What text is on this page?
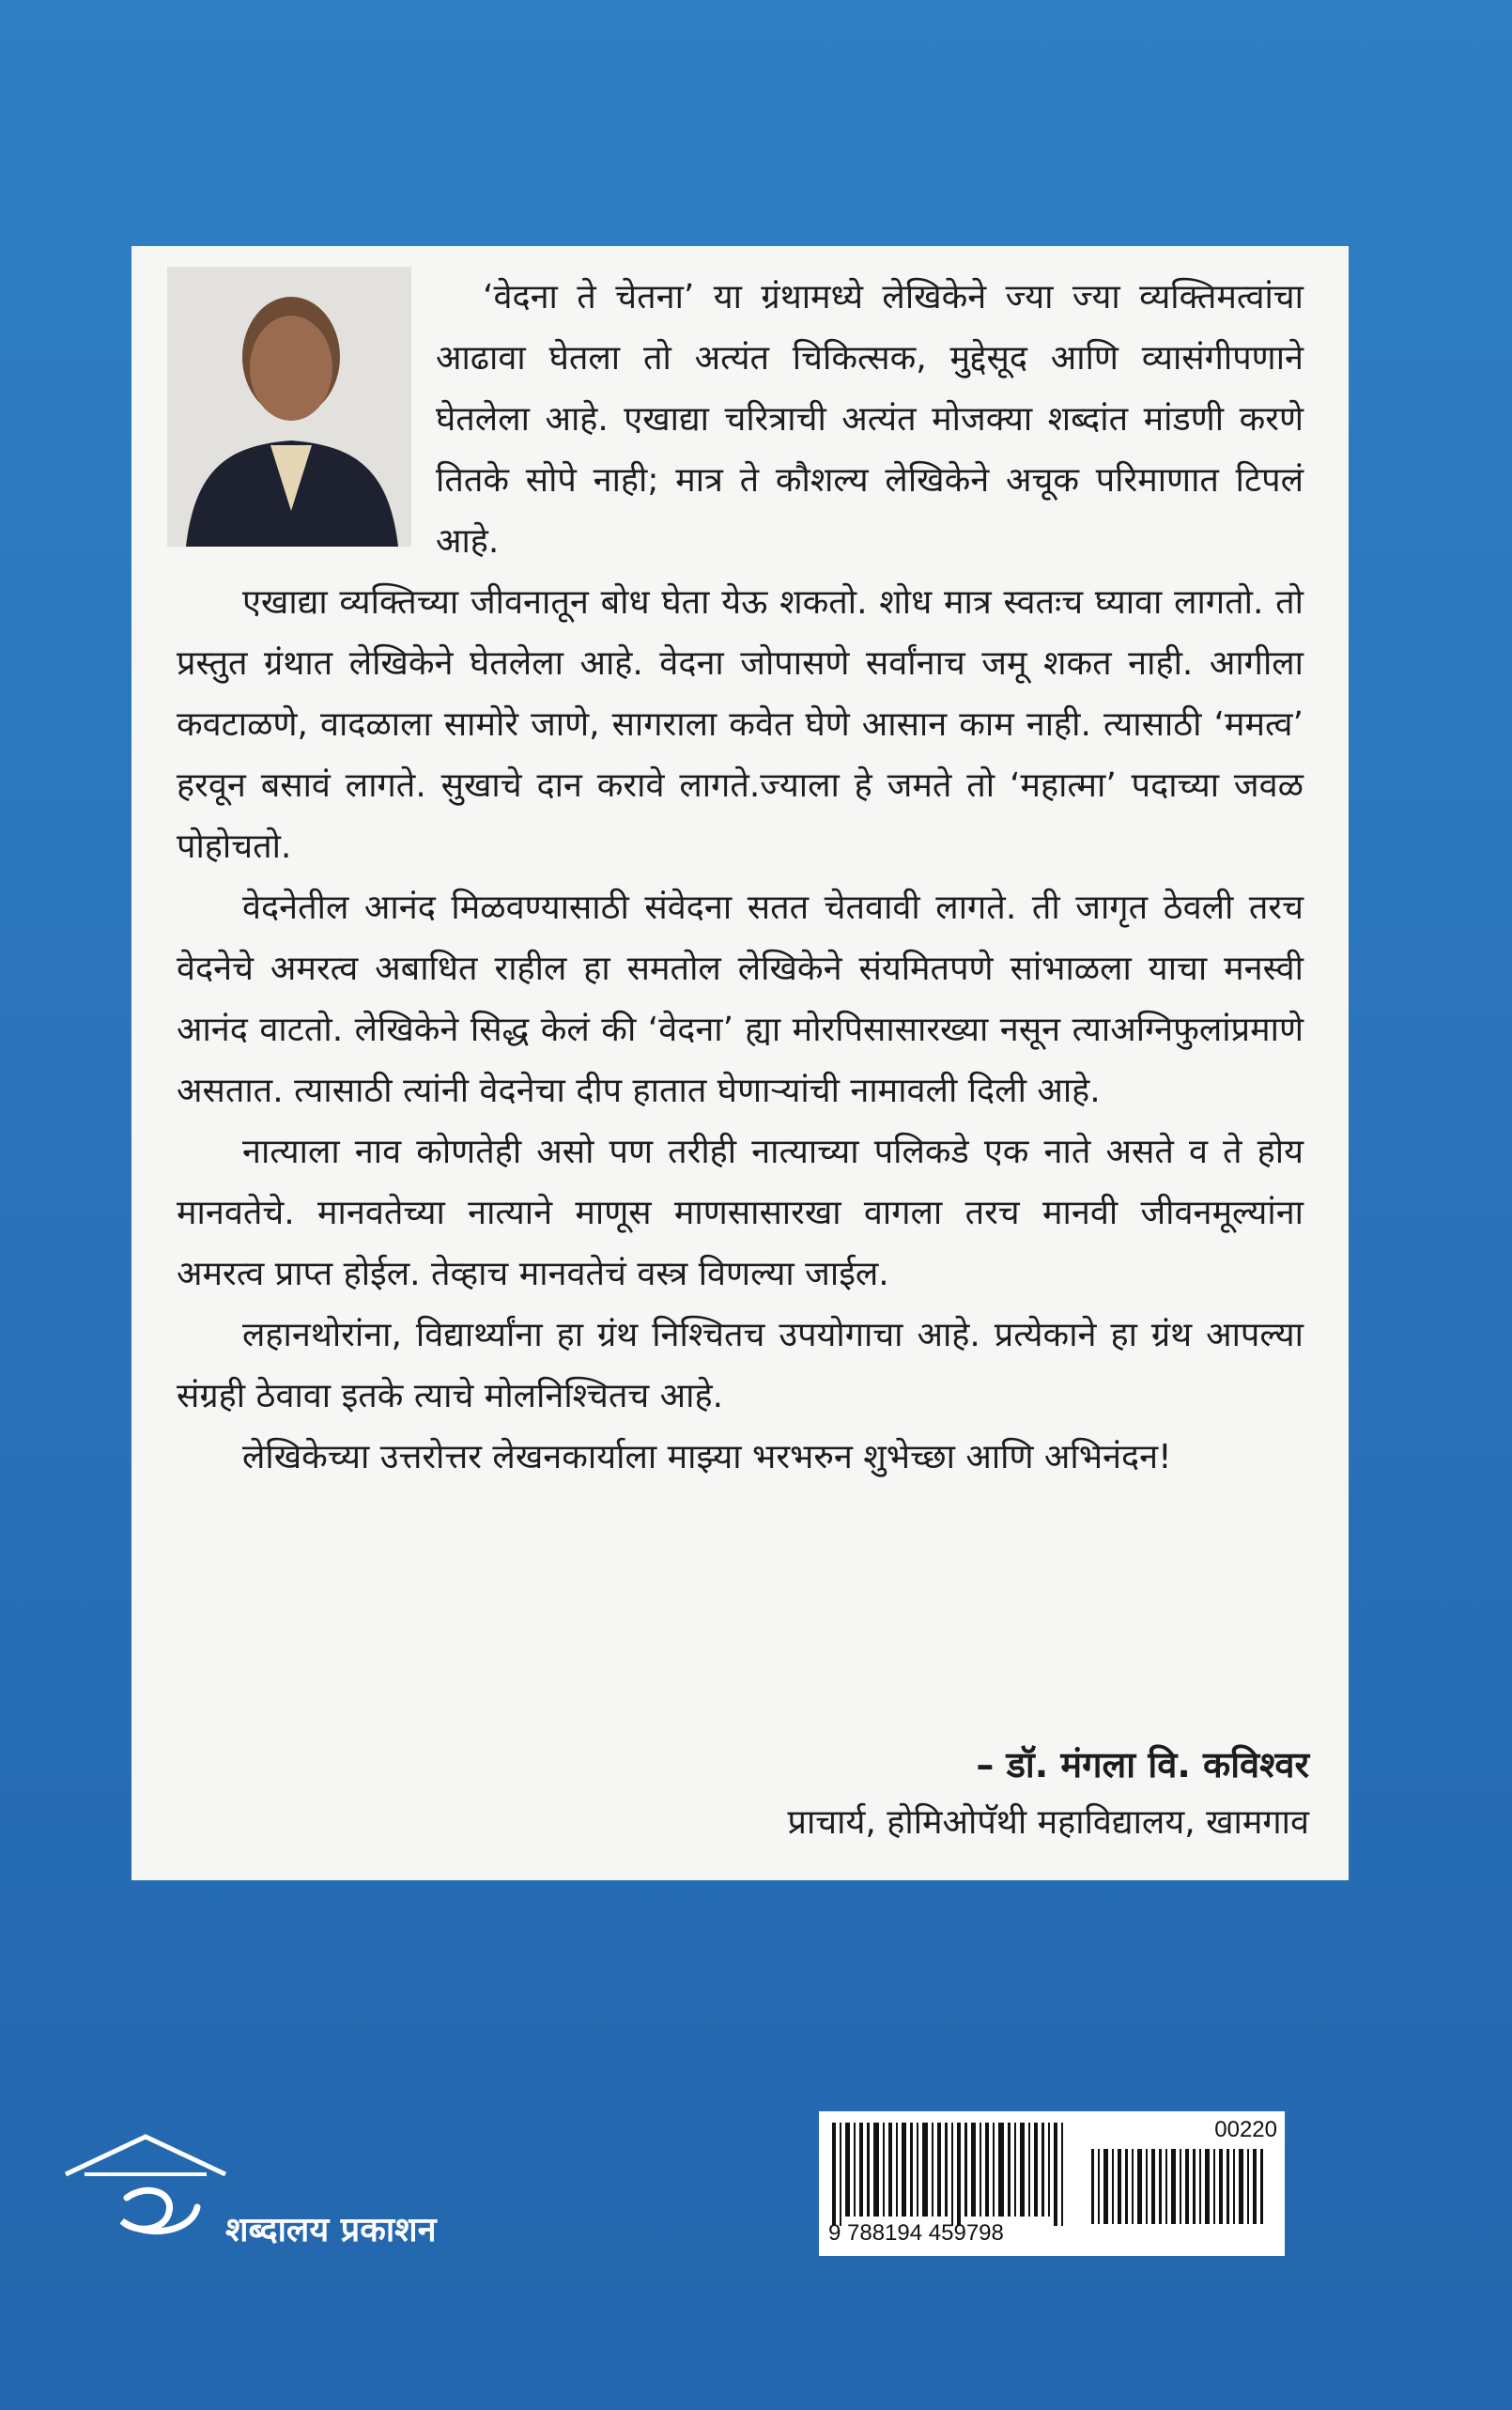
‘वेदना ते चेतना’ या ग्रंथामध्ये लेखिकेने ज्या ज्या व्यक्तिमत्वांचा आढावा घेतला तो अत्यंत चिकित्सक, मुद्देसूद आणि व्यासंगीपणाने घेतलेला आहे. एखाद्या चरित्राची अत्यंत मोजक्या शब्दांत मांडणी करणे तितके सोपे नाही; मात्र ते कौशल्य लेखिकेने अचूक परिमाणात टिपलं आहे.

एखाद्या व्यक्तिच्या जीवनातून बोध घेता येऊ शकतो. शोध मात्र स्वतःच घ्यावा लागतो. तो प्रस्तुत ग्रंथात लेखिकेने घेतलेला आहे. वेदना जोपासणे सर्वांनाच जमू शकत नाही. आगीला कवटाळणे, वादळाला सामोरे जाणे, सागराला कवेत घेणे आसान काम नाही. त्यासाठी ‘ममत्व’ हरवून बसावं लागते. सुखाचे दान करावे लागते.ज्याला हे जमते तो ‘महात्मा’ पदाच्या जवळ पोहोचतो.

वेदनेतील आनंद मिळवण्यासाठी संवेदना सतत चेतवावी लागते. ती जागृत ठेवली तरच वेदनेचे अमरत्व अबाधित राहील हा समतोल लेखिकेने संयमितपणे सांभाळला याचा मनस्वी आनंद वाटतो. लेखिकेने सिद्ध केलं की ‘वेदना’ ह्या मोरपिसासारख्या नसून त्याअग्निफुलांप्रमाणे असतात. त्यासाठी त्यांनी वेदनेचा दीप हातात घेणाऱ्यांची नामावली दिली आहे.

नात्याला नाव कोणतेही असो पण तरीही नात्याच्या पलिकडे एक नाते असते व ते होय मानवतेचे. मानवतेच्या नात्याने माणूस माणसासारखा वागला तरच मानवी जीवनमूल्यांना अमरत्व प्राप्त होईल. तेव्हाच मानवतेचं वस्त्र विणल्या जाईल.

लहानथोरांना, विद्यार्थ्यांना हा ग्रंथ निश्चितच उपयोगाचा आहे. प्रत्येकाने हा ग्रंथ आपल्या संग्रही ठेवावा इतके त्याचे मोलनिश्चितच आहे.

लेखिकेच्या उत्तरोत्तर लेखनकार्याला माझ्या भरभरुन शुभेच्छा आणि अभिनंदन!

– डॉ. मंगला वि. कविश्वर
प्राचार्य, होमिओपॅथी महाविद्यालय, खामगाव
शब्दालय प्रकाशन
00220
9 788194 459798
